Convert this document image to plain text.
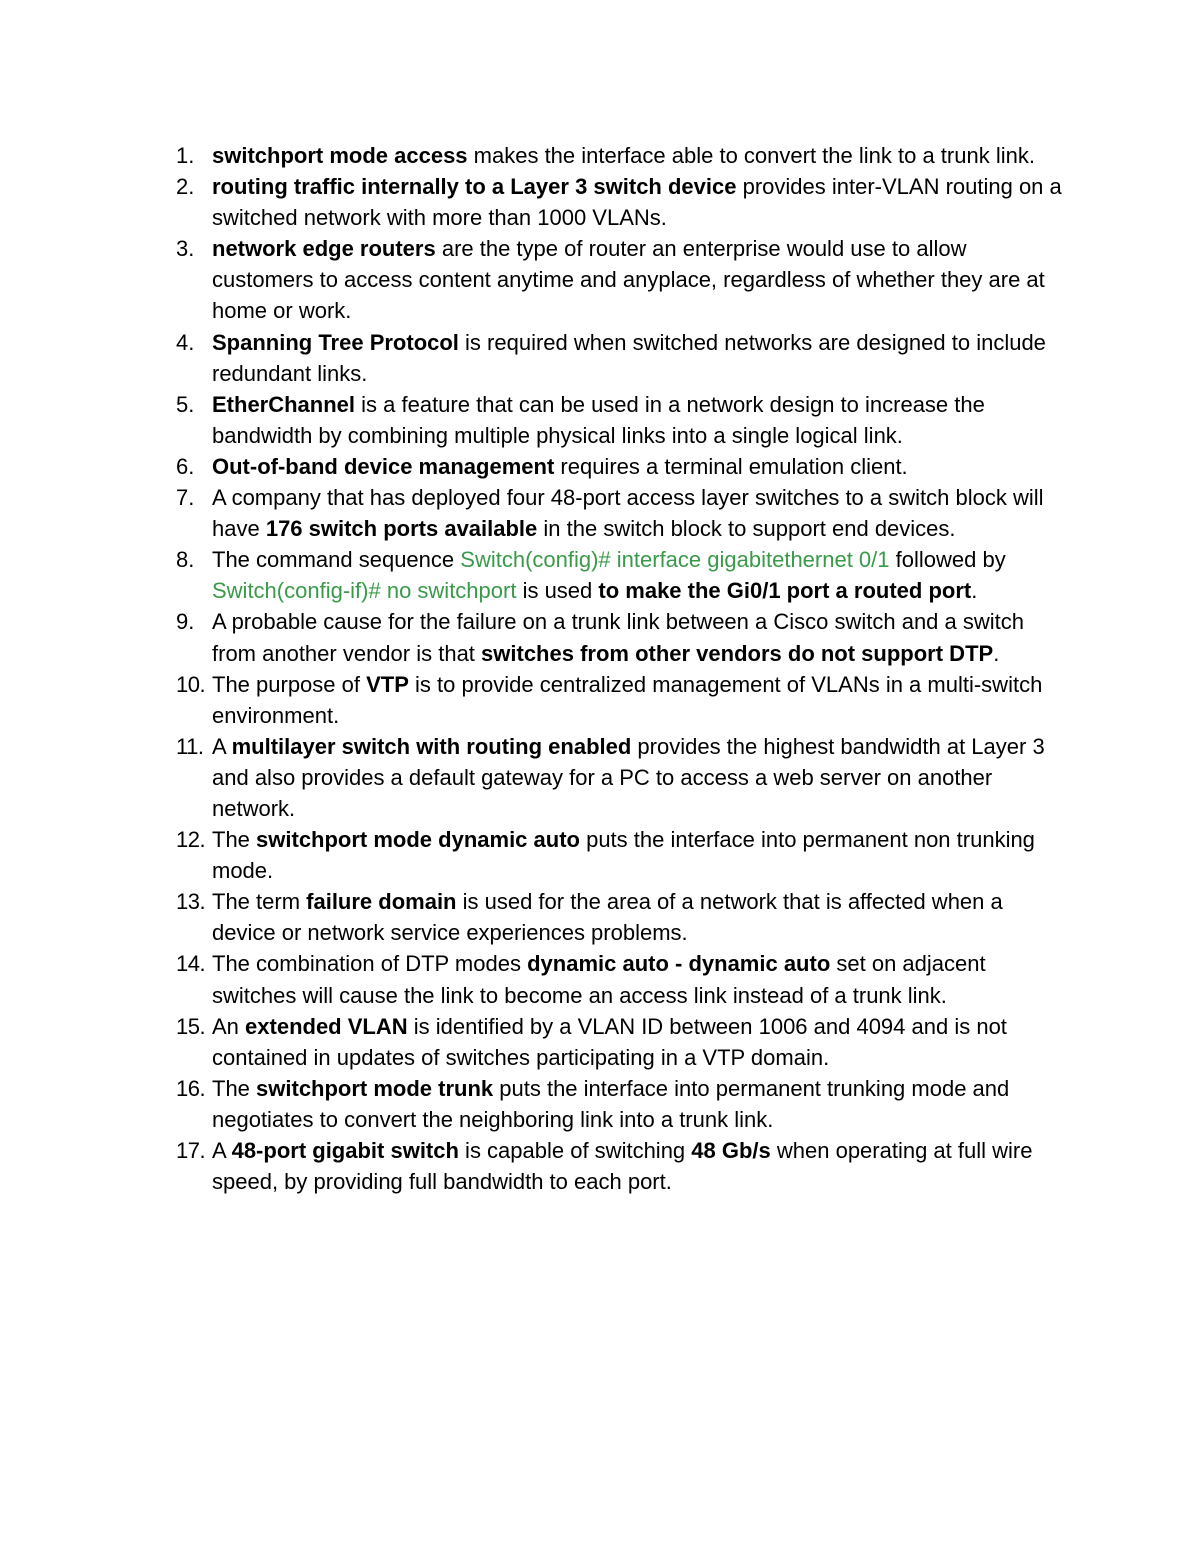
1. switchport mode access makes the interface able to convert the link to a trunk link.
2. routing traffic internally to a Layer 3 switch device provides inter-VLAN routing on a switched network with more than 1000 VLANs.
3. network edge routers are the type of router an enterprise would use to allow customers to access content anytime and anyplace, regardless of whether they are at home or work.
4. Spanning Tree Protocol is required when switched networks are designed to include redundant links.
5. EtherChannel is a feature that can be used in a network design to increase the bandwidth by combining multiple physical links into a single logical link.
6. Out-of-band device management requires a terminal emulation client.
7. A company that has deployed four 48-port access layer switches to a switch block will have 176 switch ports available in the switch block to support end devices.
8. The command sequence Switch(config)# interface gigabitethernet 0/1 followed by Switch(config-if)# no switchport is used to make the Gi0/1 port a routed port.
9. A probable cause for the failure on a trunk link between a Cisco switch and a switch from another vendor is that switches from other vendors do not support DTP.
10. The purpose of VTP is to provide centralized management of VLANs in a multi-switch environment.
11. A multilayer switch with routing enabled provides the highest bandwidth at Layer 3 and also provides a default gateway for a PC to access a web server on another network.
12. The switchport mode dynamic auto puts the interface into permanent non trunking mode.
13. The term failure domain is used for the area of a network that is affected when a device or network service experiences problems.
14. The combination of DTP modes dynamic auto - dynamic auto set on adjacent switches will cause the link to become an access link instead of a trunk link.
15. An extended VLAN is identified by a VLAN ID between 1006 and 4094 and is not contained in updates of switches participating in a VTP domain.
16. The switchport mode trunk puts the interface into permanent trunking mode and negotiates to convert the neighboring link into a trunk link.
17. A 48-port gigabit switch is capable of switching 48 Gb/s when operating at full wire speed, by providing full bandwidth to each port.
